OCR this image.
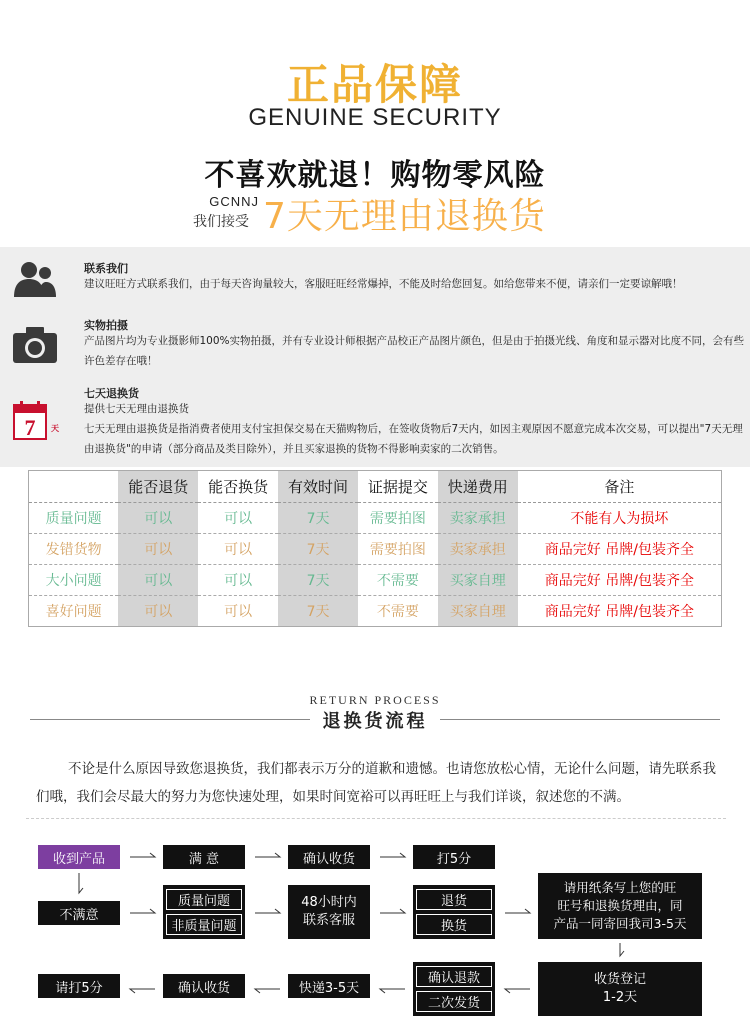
正品保障
GENUINE SECURITY
不喜欢就退！购物零风险
GCNNJ
我们接受 7天无理由退换货
联系我们
建议旺旺方式联系我们，由于每天咨询量较大，客服旺旺经常爆掉，不能及时给您回复。如给您带来不便，请亲们一定要谅解哦！
实物拍摄
产品图片均为专业摄影师100%实物拍摄，并有专业设计师根据产品校正产品图片颜色，但是由于拍摄光线、角度和显示器对比度不同，会有些许色差存在哦！
7 天
七天退换货
提供七天无理由退换货
七天无理由退换货是指消费者使用支付宝担保交易在天猫购物后，在签收货物后7天内，如因主观原因不愿意完成本次交易，可以提出"7天无理由退换货"的申请（部分商品及类目除外），并且买家退换的货物不得影响卖家的二次销售。
	能否退货	能否换货	有效时间	证据提交	快递费用	备注
质量问题	可以	可以	7天	需要拍图	卖家承担	不能有人为损坏
发错货物	可以	可以	7天	需要拍图	卖家承担	商品完好 吊牌/包装齐全
大小问题	可以	可以	7天	不需要	买家自理	商品完好 吊牌/包装齐全
喜好问题	可以	可以	7天	不需要	买家自理	商品完好 吊牌/包装齐全
RETURN PROCESS
退换货流程
不论是什么原因导致您退换货，我们都表示万分的道歉和遗憾。也请您放松心情，无论什么问题，请先联系我们哦，我们会尽最大的努力为您快速处理，如果时间宽裕可以再旺旺上与我们详谈，叙述您的不满。
收到产品	满 意	确认收货	打5分
不满意
质量问题
非质量问题
48小时内
联系客服
退货
换货
请用纸条写上您的旺
旺号和退换货理由，同
产品一同寄回我司3-5天
请打5分	确认收货	快递3-5天
确认退款
二次发货
收货登记
1-2天
